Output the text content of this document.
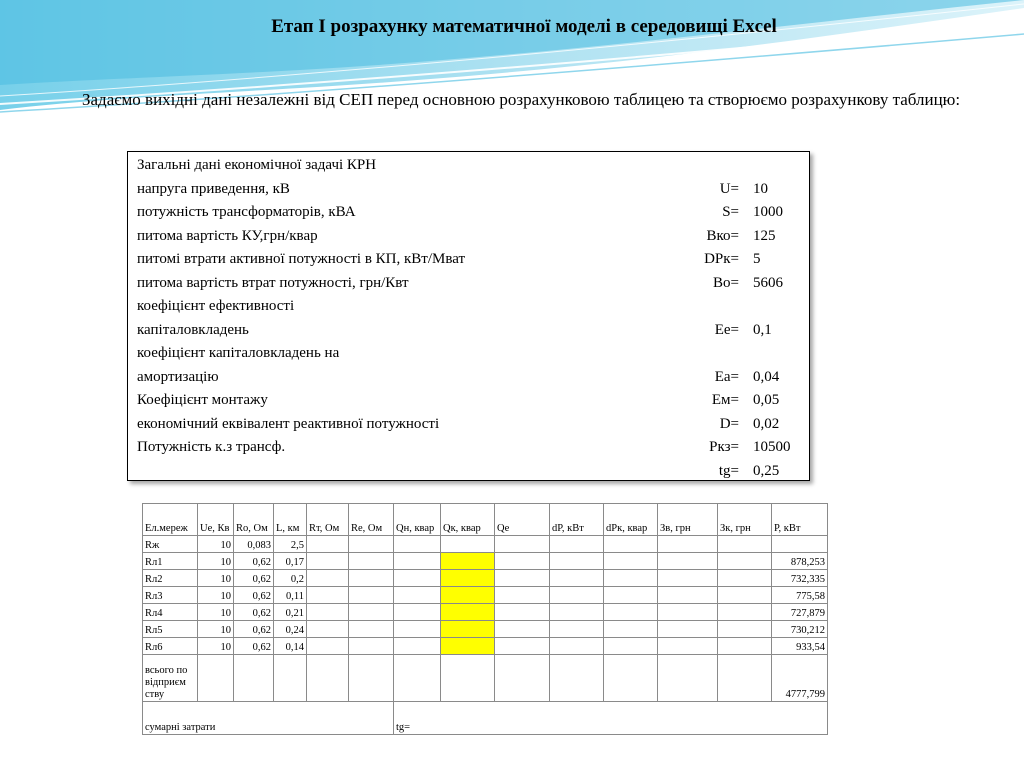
Етап I розрахунку математичної моделі в середовищі Excel
Задаємо вихідні дані незалежні від СЕП перед основною розрахунковою таблицею та створюємо розрахункову таблицю:
Загальні дані економічної задачі КРН
напруга приведення, кВ	U= 10
потужність трансформаторів, кВА	S= 1000
питома вартість КУ,грн/квар	Вко= 125
питомі втрати активної потужності в КП, кВт/Мват	DPк= 5
питома вартість втрат потужності, грн/Квт	Во= 5606
коефіцієнт ефективності
капіталовкладень	Ее= 0,1
коефіцієнт капіталовкладень на
амортизацію	Еа= 0,04
Коефіцієнт монтажу	Ем= 0,05
економічний еквівалент реактивної потужності	D= 0,02
Потужність к.з трансф.	Ркз= 10500
tg= 0,25
Ел.мереж	Ue, Кв	Ro, Ом	L, км	Rт, Ом	Re, Ом	Qн, квар	Qк, квар	Qe	dP, кВт	dPк, квар	Зв, грн	Зк, грн	Р, кВт
Rж	10	0,083	2,5										
Rл1	10	0,62	0,17										878,253
Rл2	10	0,62	0,2										732,335
Rл3	10	0,62	0,11										775,58
Rл4	10	0,62	0,21										727,879
Rл5	10	0,62	0,24										730,212
Rл6	10	0,62	0,14										933,54
всього по відприєм ству													4777,799
сумарні затрати						tg=							
